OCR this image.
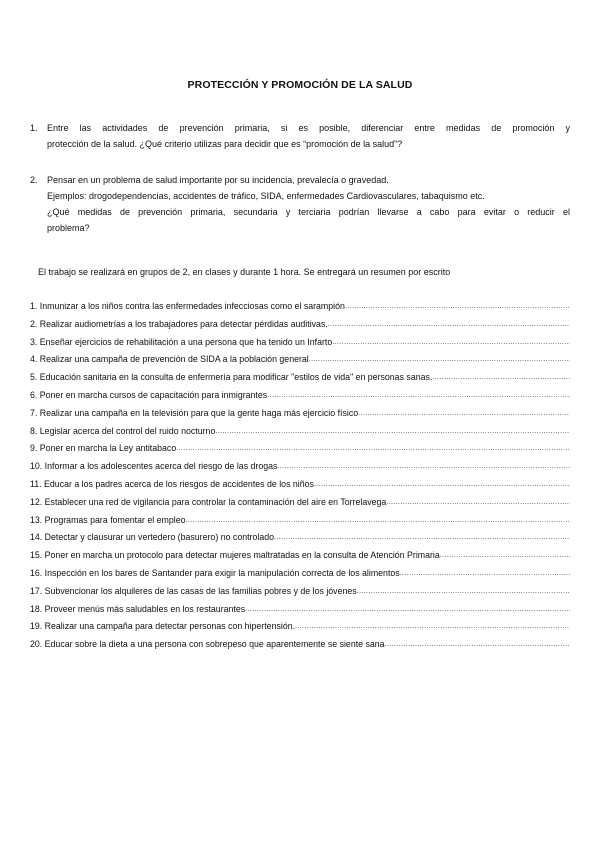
PROTECCIÓN Y PROMOCIÓN DE LA SALUD
1. Entre las actividades de prevención primaria, si es posible, diferenciar entre medidas de promoción y
protección de la salud. ¿Qué criterio utilizas para decidir que es “promoción de la salud”?
2. Pensar en un problema de salud importante por su incidencia, prevalecía o gravedad.
Ejemplos: drogodependencias, accidentes de tráfico, SIDA, enfermedades Cardiovasculares, tabaquismo etc.
¿Qué medidas de prevención primaria, secundaria y terciaria podrían llevarse a cabo para evitar o reducir el
problema?
El trabajo se realizará en grupos de 2, en clases y durante 1 hora. Se entregará un resumen por escrito
1. Inmunizar a los niños contra las enfermedades infecciosas como el sarampión
.....
2. Realizar audiometrías a los trabajadores para detectar pérdidas auditivas.
.....
3. Enseñar ejercicios de rehabilitación a una persona que ha tenido un Infarto
.....
4. Realizar una campaña de prevención de SIDA a la población general
.....
5. Educación sanitaria en la consulta de enfermería para modificar "estilos de vida" en personas sanas.
.....
6. Poner en marcha cursos de capacitación para inmigrantes
.....
7. Realizar una campaña en la televisión para que la gente haga más ejercicio físico
.....
8. Legislar acerca del control del ruido nocturno
.....
9. Poner en marcha la Ley antitabaco
.....
10. Informar a los adolescentes acerca del riesgo de las drogas
.....
11. Educar a los padres acerca de los riesgos de accidentes de los niños
.....
12. Establecer una red de vigilancia para controlar la contaminación del aire en Torrelavega
.....
13. Programas para fomentar el empleo
.....
14. Detectar y clausurar un vertedero (basurero) no controlado
.....
15. Poner en marcha un protocolo para detectar mujeres maltratadas en la consulta de Atención Primaria
.....
16. Inspección en los bares de Santander para exigir la manipulación correcta de los alimentos
.....
17. Subvencionar los alquileres de las casas de las familias pobres y de los jóvenes
.....
18. Proveer menús más saludables en los restaurantes
.....
19. Realizar una campaña para detectar personas con hipertensión.
.....
20. Educar sobre la dieta a una persona con sobrepeso que aparentemente se siente sana
.....
